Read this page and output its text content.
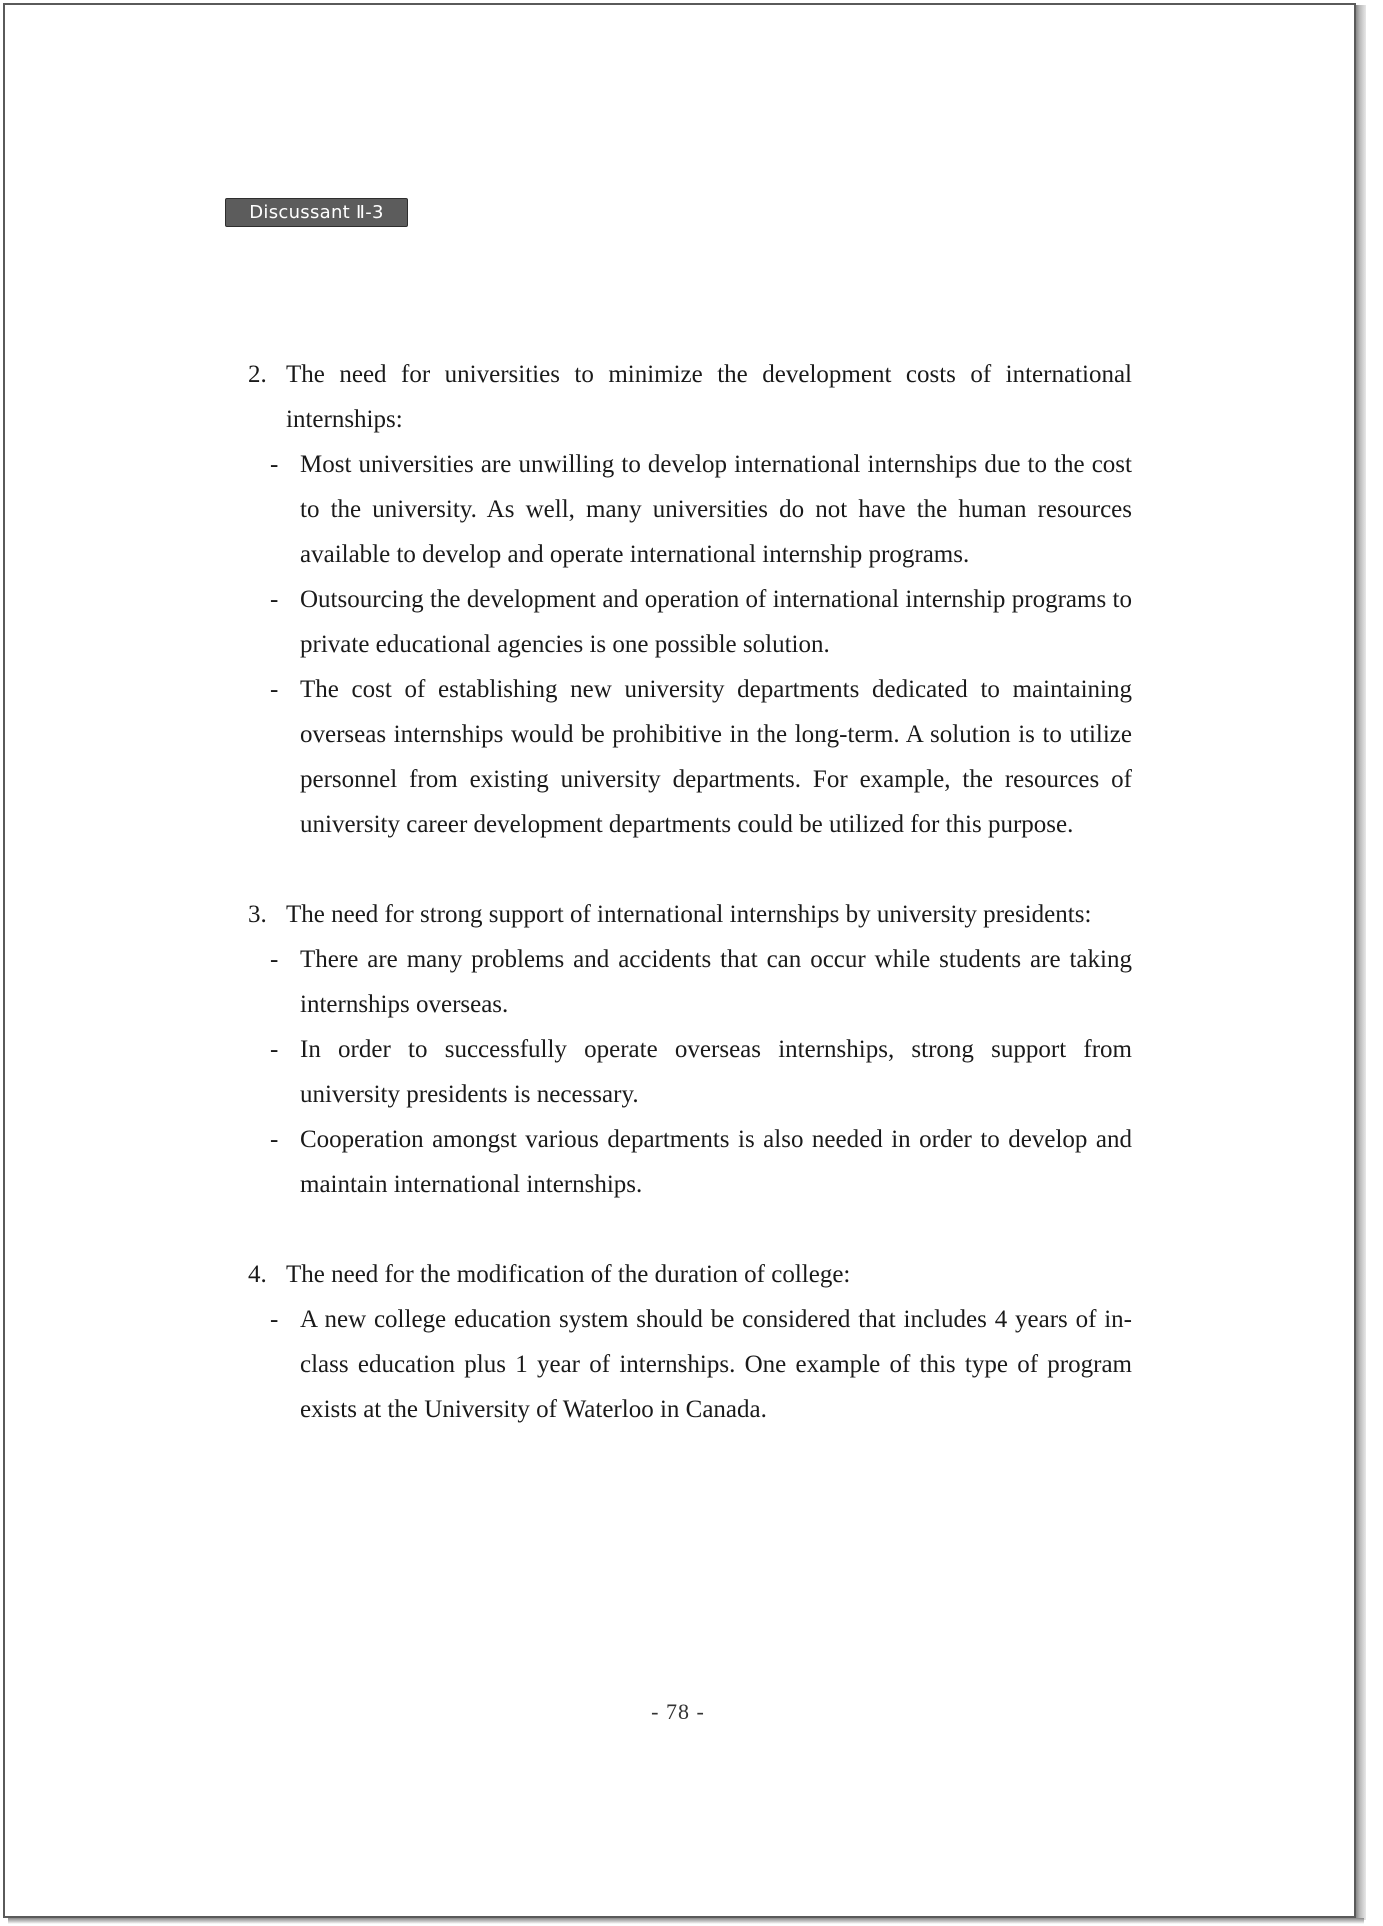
Discussant Ⅱ-3
2. The need for universities to minimize the development costs of international internships:
- Most universities are unwilling to develop international internships due to the cost to the university. As well, many universities do not have the human resources available to develop and operate international internship programs.
- Outsourcing the development and operation of international internship programs to private educational agencies is one possible solution.
- The cost of establishing new university departments dedicated to maintaining overseas internships would be prohibitive in the long-term. A solution is to utilize personnel from existing university departments. For example, the resources of university career development departments could be utilized for this purpose.
3. The need for strong support of international internships by university presidents:
- There are many problems and accidents that can occur while students are taking internships overseas.
- In order to successfully operate overseas internships, strong support from university presidents is necessary.
- Cooperation amongst various departments is also needed in order to develop and maintain international internships.
4. The need for the modification of the duration of college:
- A new college education system should be considered that includes 4 years of in-class education plus 1 year of internships. One example of this type of program exists at the University of Waterloo in Canada.
- 78 -
